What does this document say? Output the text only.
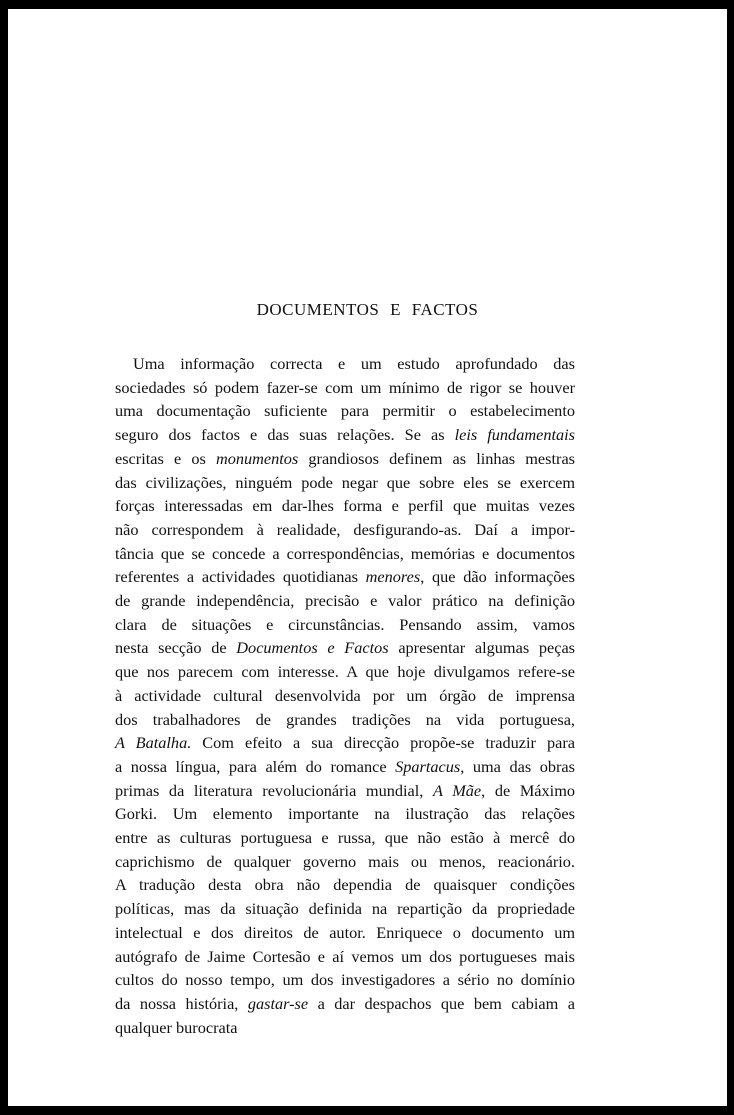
DOCUMENTOS E FACTOS
Uma informação correcta e um estudo aprofundado das
sociedades só podem fazer-se com um mínimo de rigor se houver
uma documentação suficiente para permitir o estabelecimento
seguro dos factos e das suas relações. Se as leis fundamentais
escritas e os monumentos grandiosos definem as linhas mestras
das civilizações, ninguém pode negar que sobre eles se exercem
forças interessadas em dar-lhes forma e perfil que muitas vezes
não correspondem à realidade, desfigurando-as. Daí a impor-
tância que se concede a correspondências, memórias e documentos
referentes a actividades quotidianas menores, que dão informações
de grande independência, precisão e valor prático na definição
clara de situações e circunstâncias. Pensando assim, vamos
nesta secção de Documentos e Factos apresentar algumas peças
que nos parecem com interesse. A que hoje divulgamos refere-se
à actividade cultural desenvolvida por um órgão de imprensa
dos trabalhadores de grandes tradições na vida portuguesa,
A Batalha. Com efeito a sua direcção propõe-se traduzir para
a nossa língua, para além do romance Spartacus, uma das obras
primas da literatura revolucionária mundial, A Mãe, de Máximo
Gorki. Um elemento importante na ilustração das relações
entre as culturas portuguesa e russa, que não estão à mercê do
caprichismo de qualquer governo mais ou menos, reacionário.
A tradução desta obra não dependia de quaisquer condições
políticas, mas da situação definida na repartição da propriedade
intelectual e dos direitos de autor. Enriquece o documento um
autógrafo de Jaime Cortesão e aí vemos um dos portugueses mais
cultos do nosso tempo, um dos investigadores a sério no domínio
da nossa história, gastar-se a dar despachos que bem cabiam a
qualquer burocrata
